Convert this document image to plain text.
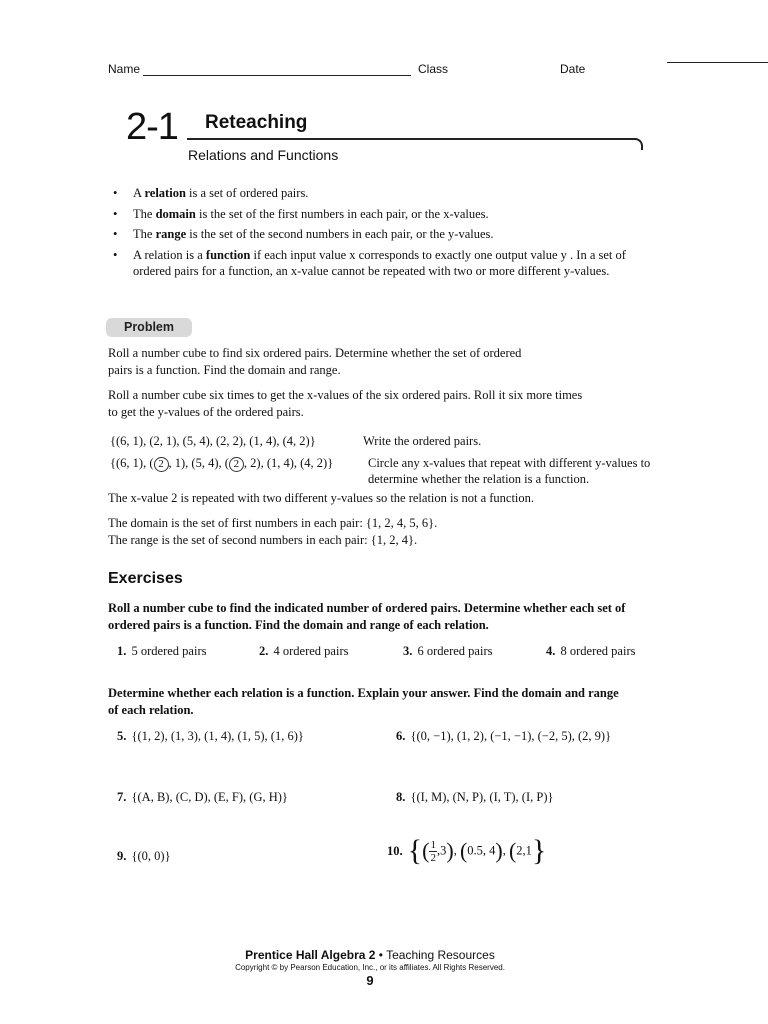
Name	Class	Date
2-1 Reteaching
Relations and Functions
• A relation is a set of ordered pairs.
• The domain is the set of the first numbers in each pair, or the x-values.
• The range is the set of the second numbers in each pair, or the y-values.
• A relation is a function if each input value x corresponds to exactly one output value y . In a set of ordered pairs for a function, an x-value cannot be repeated with two or more different y-values.
Problem
Roll a number cube to find six ordered pairs. Determine whether the set of ordered pairs is a function. Find the domain and range.
Roll a number cube six times to get the x-values of the six ordered pairs. Roll it six more times to get the y-values of the ordered pairs.
{(6, 1), (2, 1), (5, 4), (2, 2), (1, 4), (4, 2)}	Write the ordered pairs.
{(6, 1), ( 2 , 1), (5, 4), ( 2 , 2), (1, 4), (4, 2)}	Circle any x-values that repeat with different y-values to determine whether the relation is a function.
The x-value 2 is repeated with two different y-values so the relation is not a function.
The domain is the set of first numbers in each pair: {1, 2, 4, 5, 6}.
The range is the set of second numbers in each pair: {1, 2, 4}.
Exercises
Roll a number cube to find the indicated number of ordered pairs. Determine whether each set of ordered pairs is a function. Find the domain and range of each relation.
1. 5 ordered pairs	2. 4 ordered pairs	3. 6 ordered pairs	4. 8 ordered pairs
Determine whether each relation is a function. Explain your answer. Find the domain and range of each relation.
5. {(1, 2), (1, 3), (1, 4), (1, 5), (1, 6)}	6. {(0, −1), (1, 2), (−1, −1), (−2, 5), (2, 9)}
7. {(A, B), (C, D), (E, F), (G, H)}	8. {(I, M), (N, P), (I, T), (I, P)}
9. {(0, 0)}	10. {( $\frac{1}{2},3$), (0.5, 4), (2,1}
Prentice Hall Algebra 2 • Teaching Resources
Copyright © by Pearson Education, Inc., or its affiliates. All Rights Reserved.
9
